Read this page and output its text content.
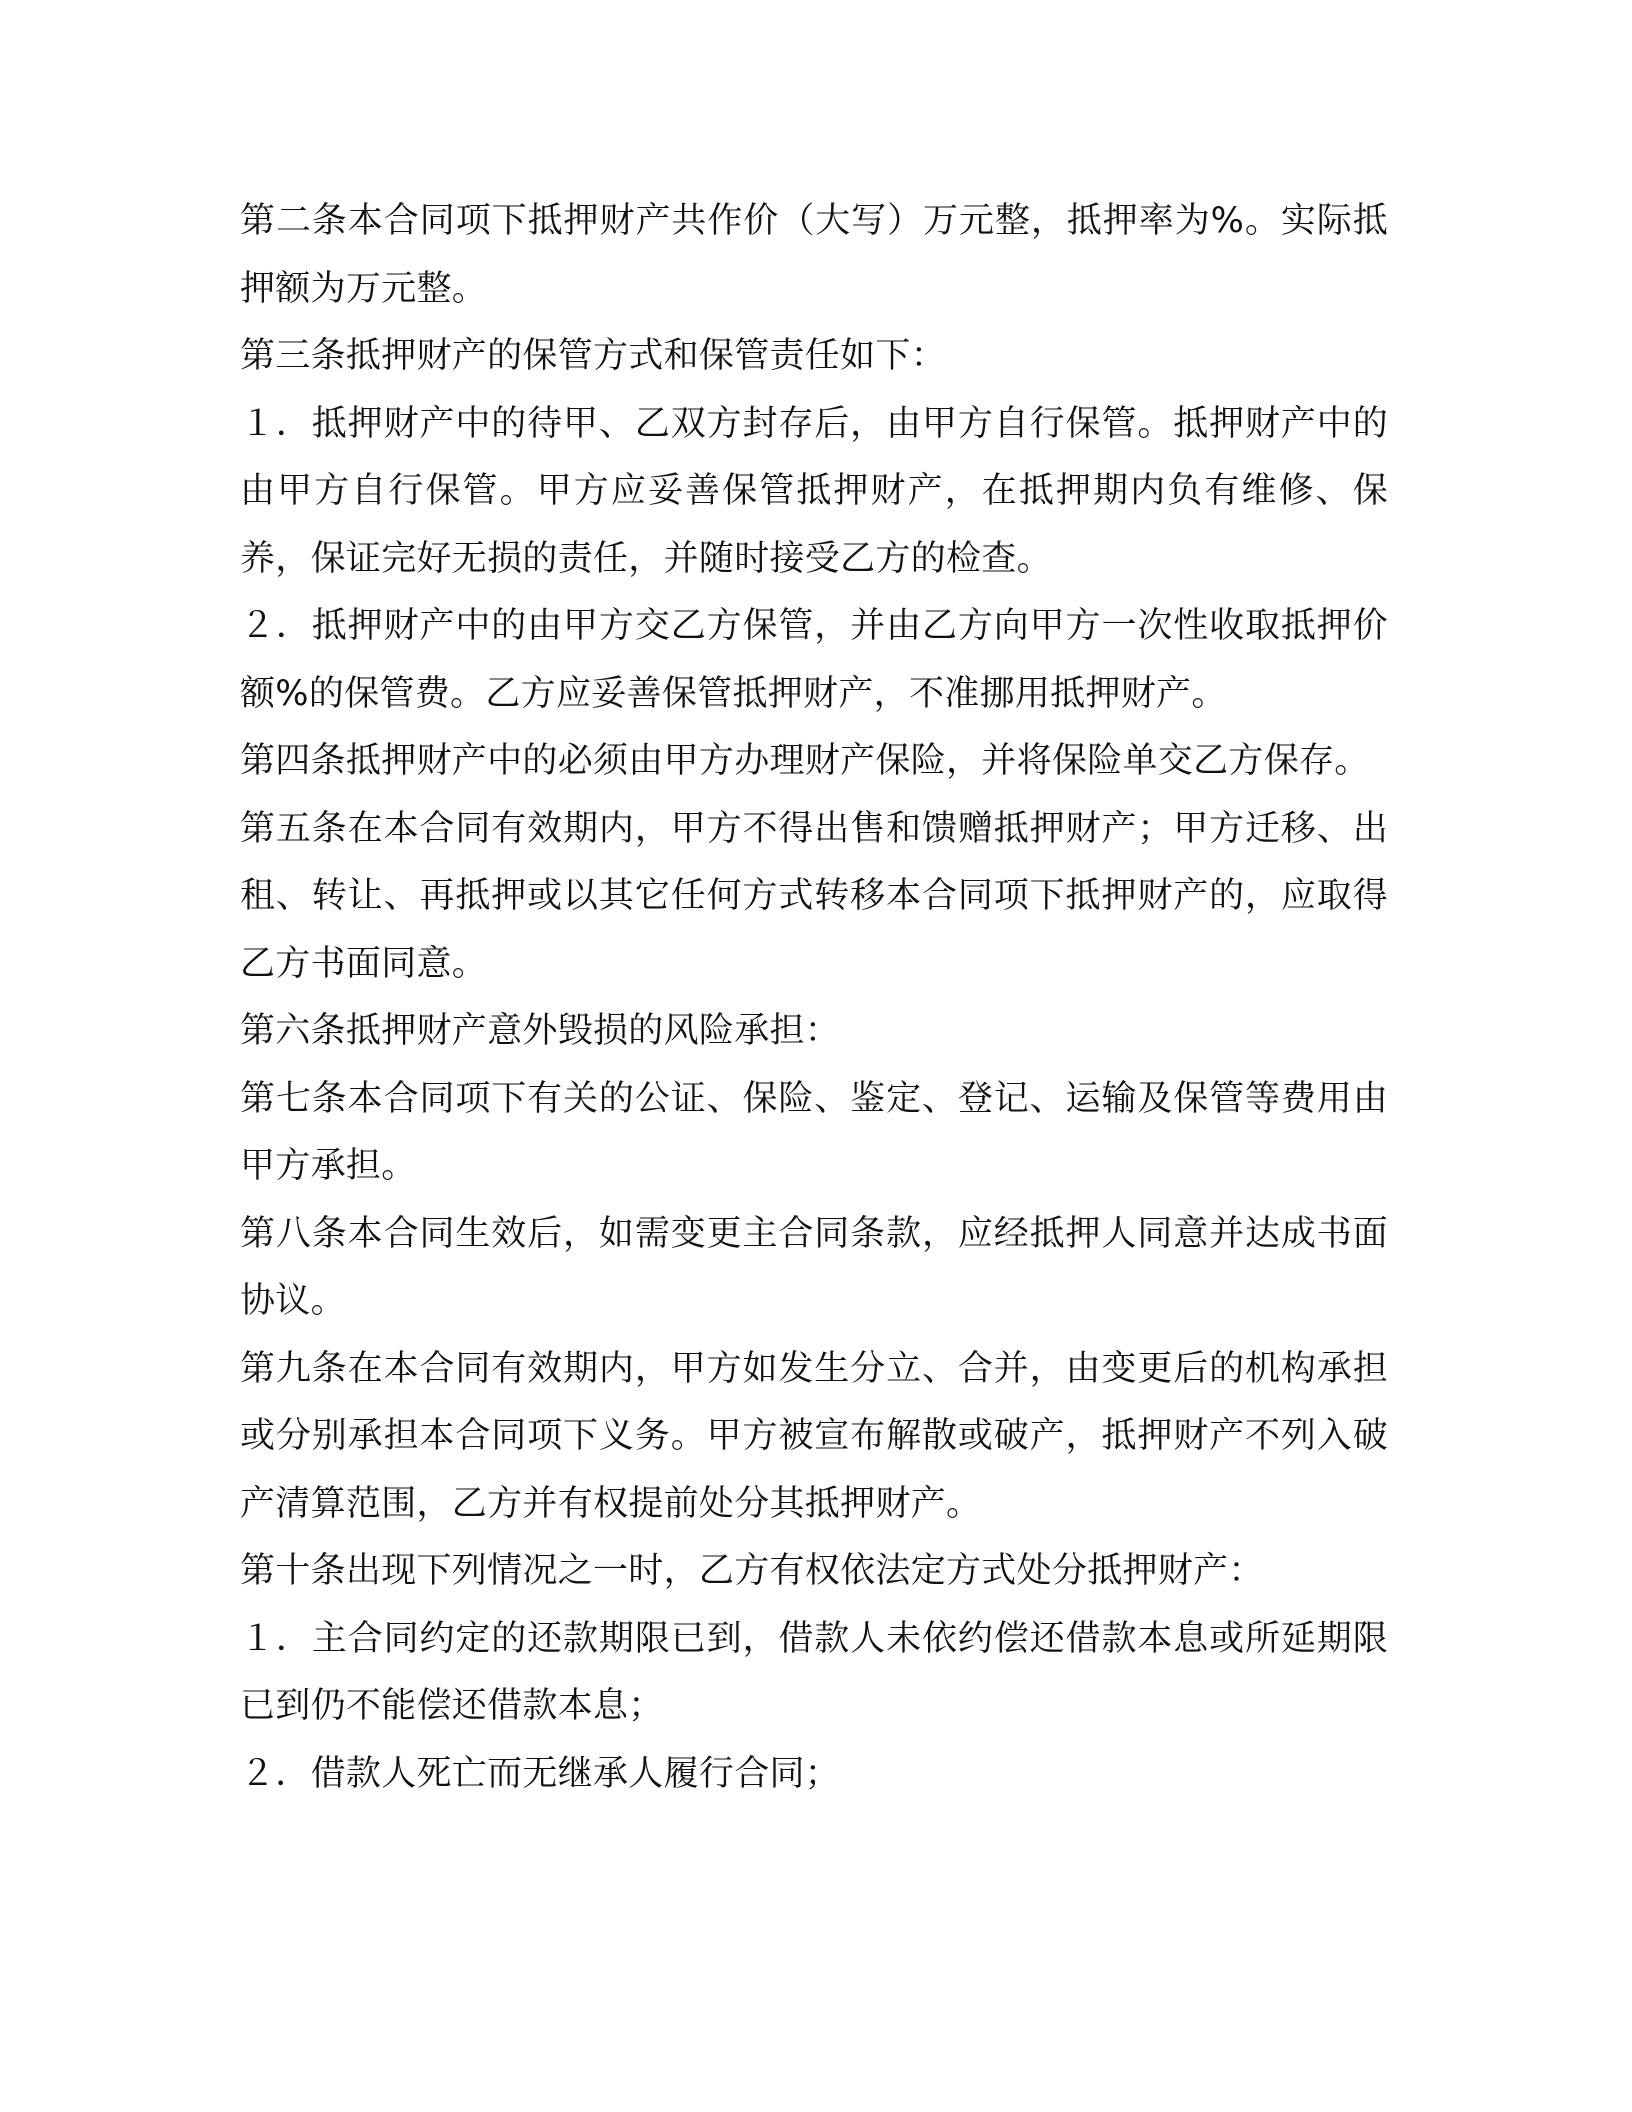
第二条本合同项下抵押财产共作价（大写）万元整，抵押率为%。实际抵押额为万元整。

第三条抵押财产的保管方式和保管责任如下：

１．抵押财产中的待甲、乙双方封存后，由甲方自行保管。抵押财产中的由甲方自行保管。甲方应妥善保管抵押财产，在抵押期内负有维修、保养，保证完好无损的责任，并随时接受乙方的检查。

２．抵押财产中的由甲方交乙方保管，并由乙方向甲方一次性收取抵押价额%的保管费。乙方应妥善保管抵押财产，不准挪用抵押财产。

第四条抵押财产中的必须由甲方办理财产保险，并将保险单交乙方保存。

第五条在本合同有效期内，甲方不得出售和馈赠抵押财产；甲方迁移、出租、转让、再抵押或以其它任何方式转移本合同项下抵押财产的，应取得乙方书面同意。

第六条抵押财产意外毁损的风险承担：

第七条本合同项下有关的公证、保险、鉴定、登记、运输及保管等费用由甲方承担。

第八条本合同生效后，如需变更主合同条款，应经抵押人同意并达成书面协议。

第九条在本合同有效期内，甲方如发生分立、合并，由变更后的机构承担或分别承担本合同项下义务。甲方被宣布解散或破产，抵押财产不列入破产清算范围，乙方并有权提前处分其抵押财产。

第十条出现下列情况之一时，乙方有权依法定方式处分抵押财产：

１．主合同约定的还款期限已到，借款人未依约偿还借款本息或所延期限已到仍不能偿还借款本息；

２．借款人死亡而无继承人履行合同；
